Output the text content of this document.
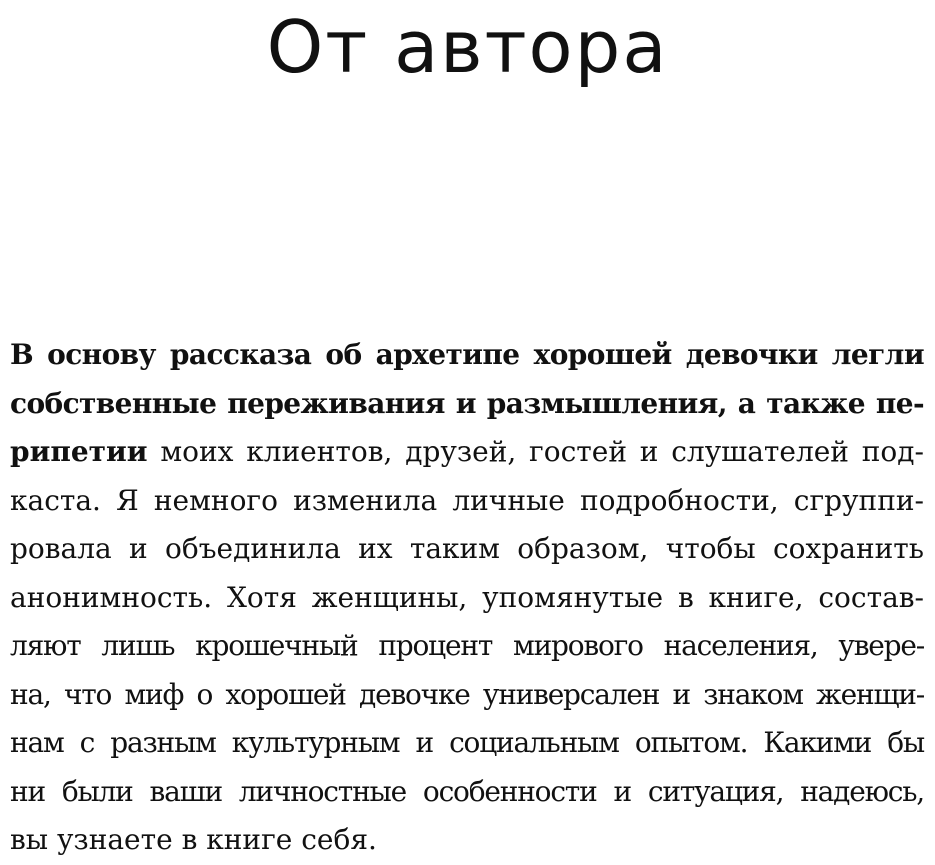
От автора
В основу рассказа об архетипе хорошей девочки легли
собственные переживания и размышления, а также пе-
рипетии моих клиентов, друзей, гостей и слушателей под-
каста. Я немного изменила личные подробности, сгруппи-
ровала и объединила их таким образом, чтобы сохранить
анонимность. Хотя женщины, упомянутые в книге, состав-
ляют лишь крошечный процент мирового населения, увере-
на, что миф о хорошей девочке универсален и знаком женщи-
нам с разным культурным и социальным опытом. Какими бы
ни были ваши личностные особенности и ситуация, надеюсь,
вы узнаете в книге себя.
